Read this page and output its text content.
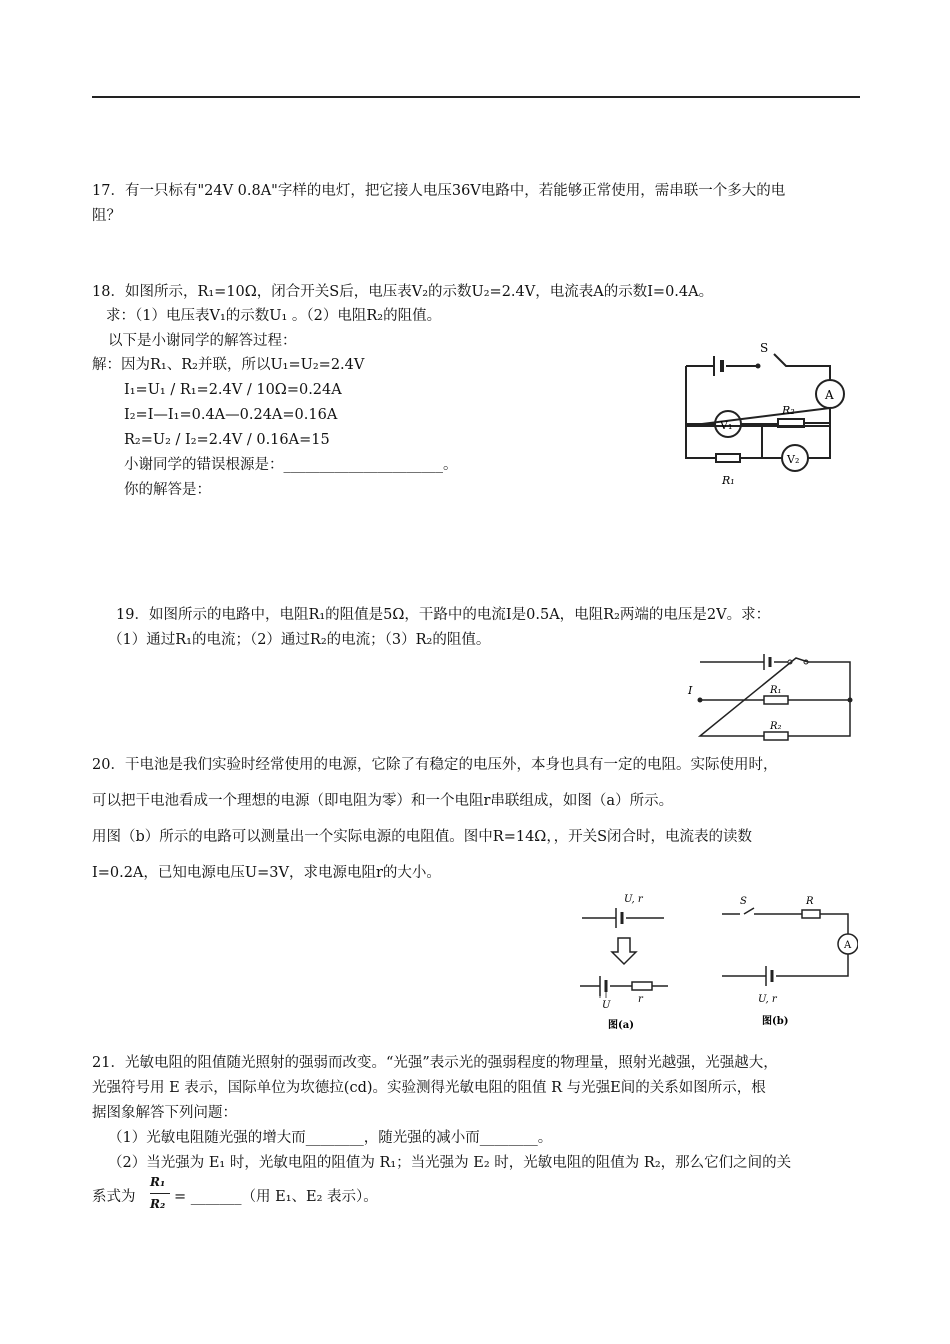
17．有一只标有"24V 0.8A"字样的电灯，把它接人电压36V电路中，若能够正常使用，需串联一个多大的电
阻？
18．如图所示，R₁=10Ω，闭合开关S后，电压表V₂的示数U₂=2.4V，电流表A的示数I=0.4A。
求：（1）电压表V₁的示数U₁ 。（2）电阻R₂的阻值。
以下是小谢同学的解答过程：
解：因为R₁、R₂并联，所以U₁=U₂=2.4V
I₁=U₁ / R₁=2.4V / 10Ω=0.24A
I₂=I—I₁=0.4A—0.24A=0.16A
R₂=U₂ / I₂=2.4V / 0.16A=15
小谢同学的错误根源是：______________________。
你的解答是：
S
A
R₂
V₁
V₂
R₁
19．如图所示的电路中，电阻R₁的阻值是5Ω，干路中的电流I是0.5A，电阻R₂两端的电压是2V。求：
（1）通过R₁的电流；（2）通过R₂的电流；（3）R₂的阻值。
I	R₁
R₂
20．干电池是我们实验时经常使用的电源，它除了有稳定的电压外，本身也具有一定的电阻。实际使用时，
可以把干电池看成一个理想的电源（即电阻为零）和一个电阻r串联组成，如图（a）所示。
用图（b）所示的电路可以测量出一个实际电源的电阻值。图中R=14Ω，，开关S闭合时，电流表的读数
I=0.2A，已知电源电压U=3V，求电源电阻r的大小。
U, r
U
r
图(a)
S	R
A
U, r
图(b)
21．光敏电阻的阻值随光照射的强弱而改变。“光强”表示光的强弱程度的物理量，照射光越强，光强越大，
光强符号用 E 表示，国际单位为坎德拉(cd)。实验测得光敏电阻的阻值 R 与光强E间的关系如图所示，根
据图象解答下列问题：
（1）光敏电阻随光强的增大而________，随光强的减小而________。
（2）当光强为 E₁ 时，光敏电阻的阻值为 R₁；当光强为 E₂ 时，光敏电阻的阻值为 R₂，那么它们之间的关
系式为
R₁
R₂ = _______（用 E₁、E₂ 表示）。
